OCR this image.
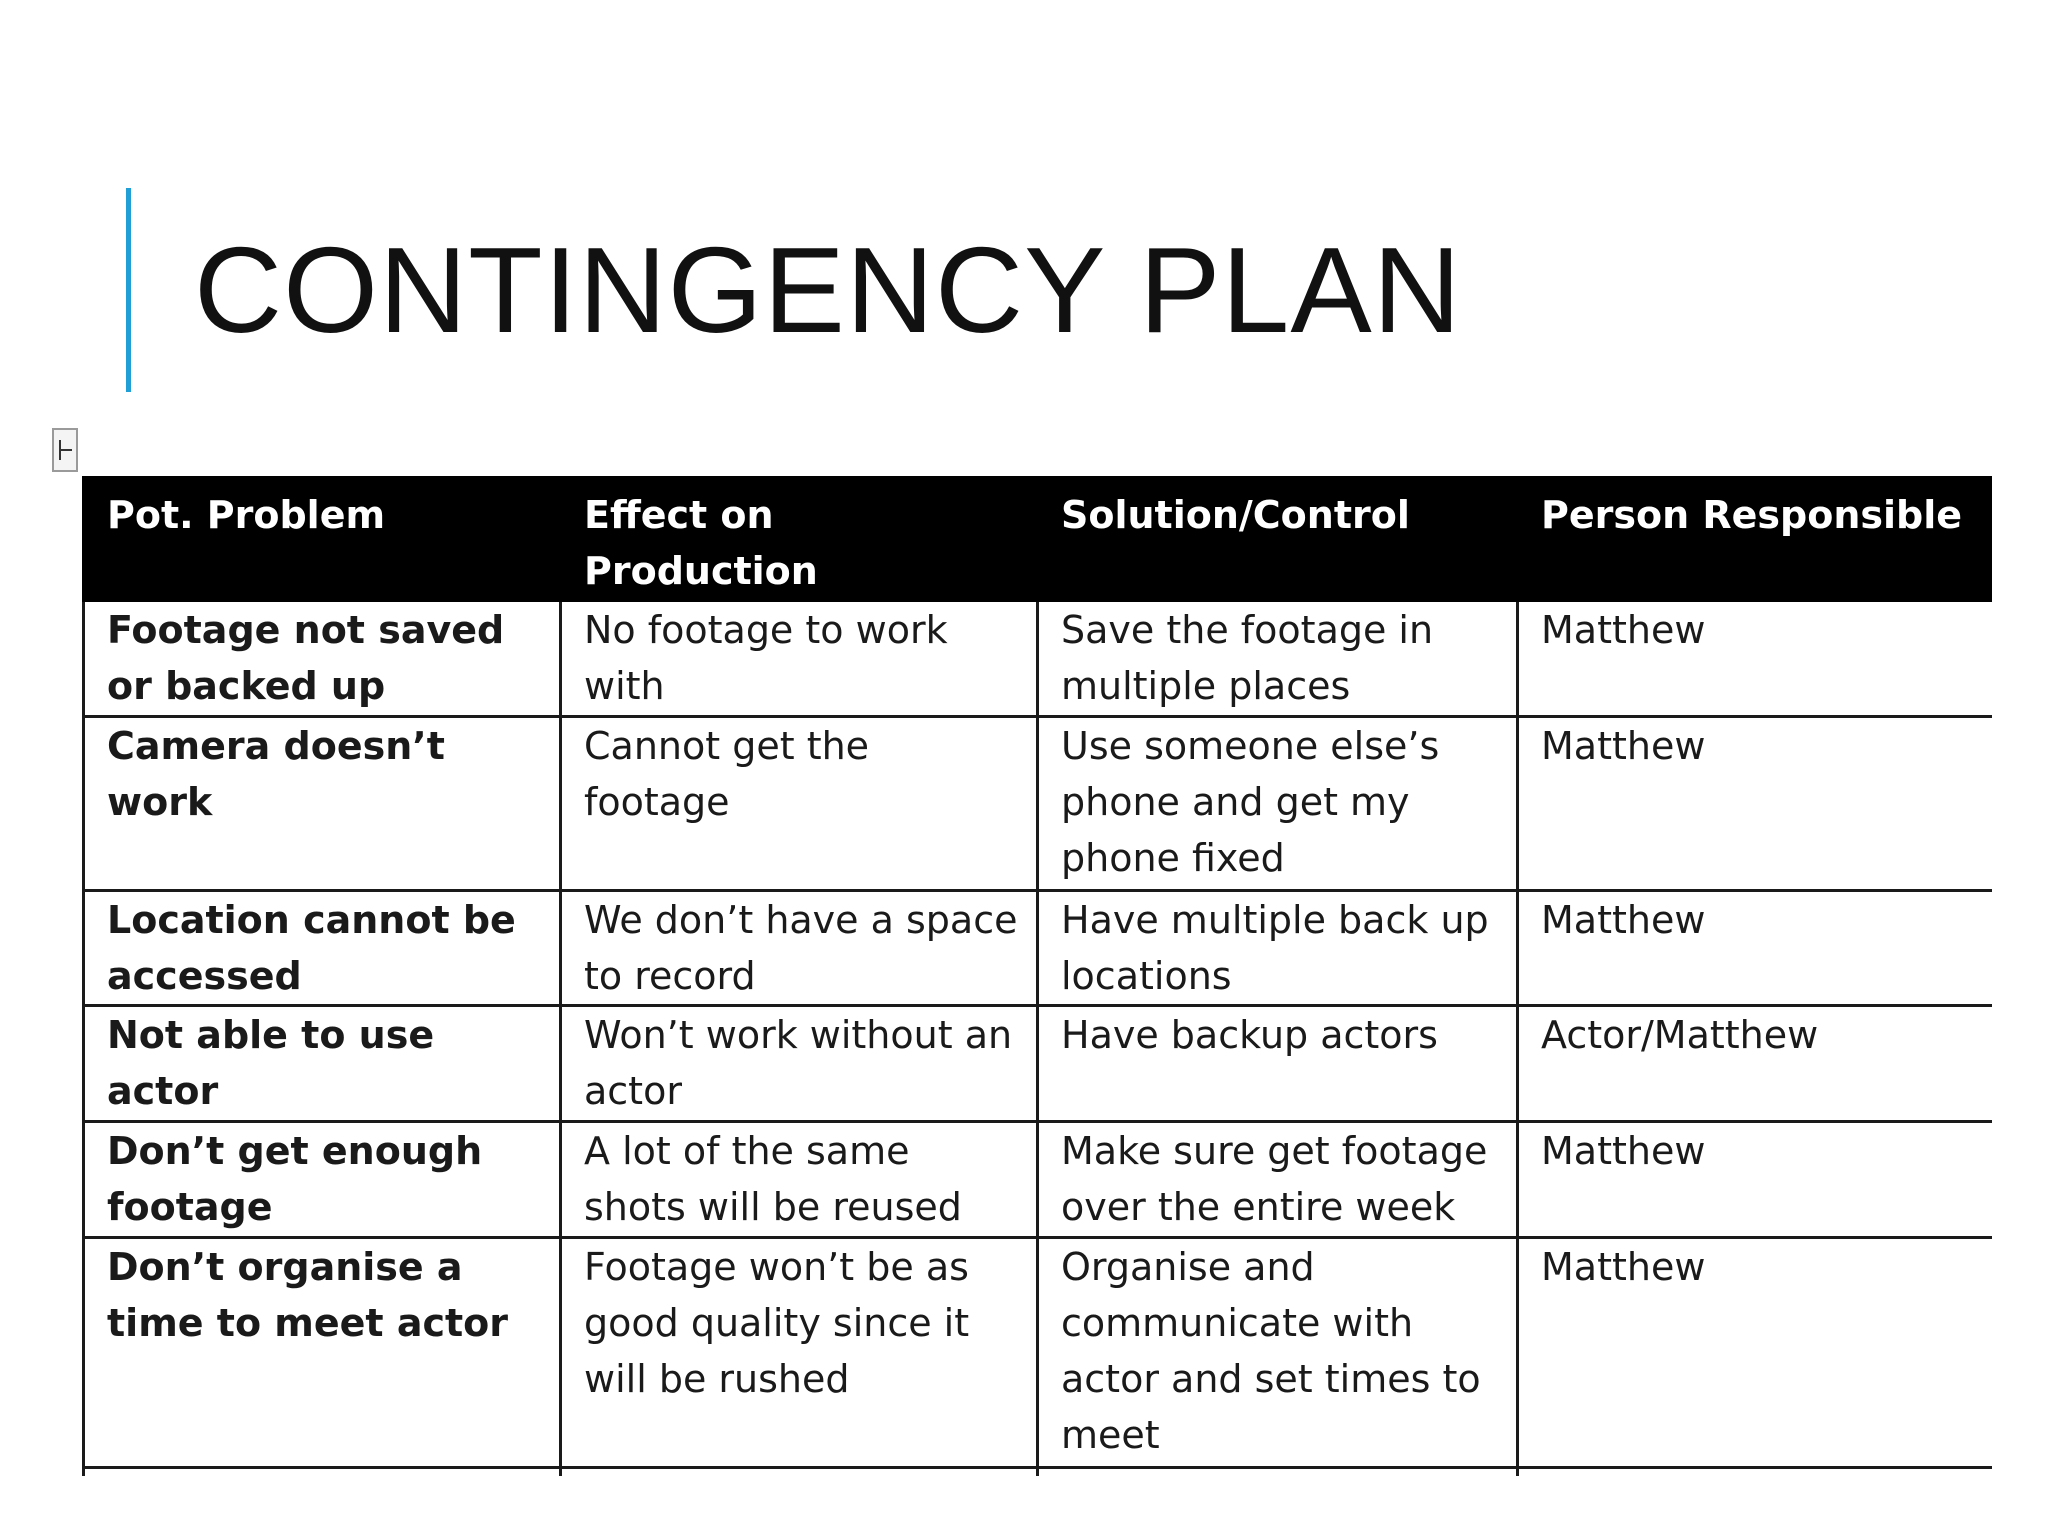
CONTINGENCY PLAN
Pot. Problem	Effect on Production	Solution/Control	Person Responsible
Footage not saved or backed up	No footage to work with	Save the footage in multiple places	Matthew
Camera doesn’t work	Cannot get the footage	Use someone else’s phone and get my phone fixed	Matthew
Location cannot be accessed	We don’t have a space to record	Have multiple back up locations	Matthew
Not able to use actor	Won’t work without an actor	Have backup actors	Actor/Matthew
Don’t get enough footage	A lot of the same shots will be reused	Make sure get footage over the entire week	Matthew
Don’t organise a time to meet actor	Footage won’t be as good quality since it will be rushed	Organise and communicate with actor and set times to meet	Matthew
